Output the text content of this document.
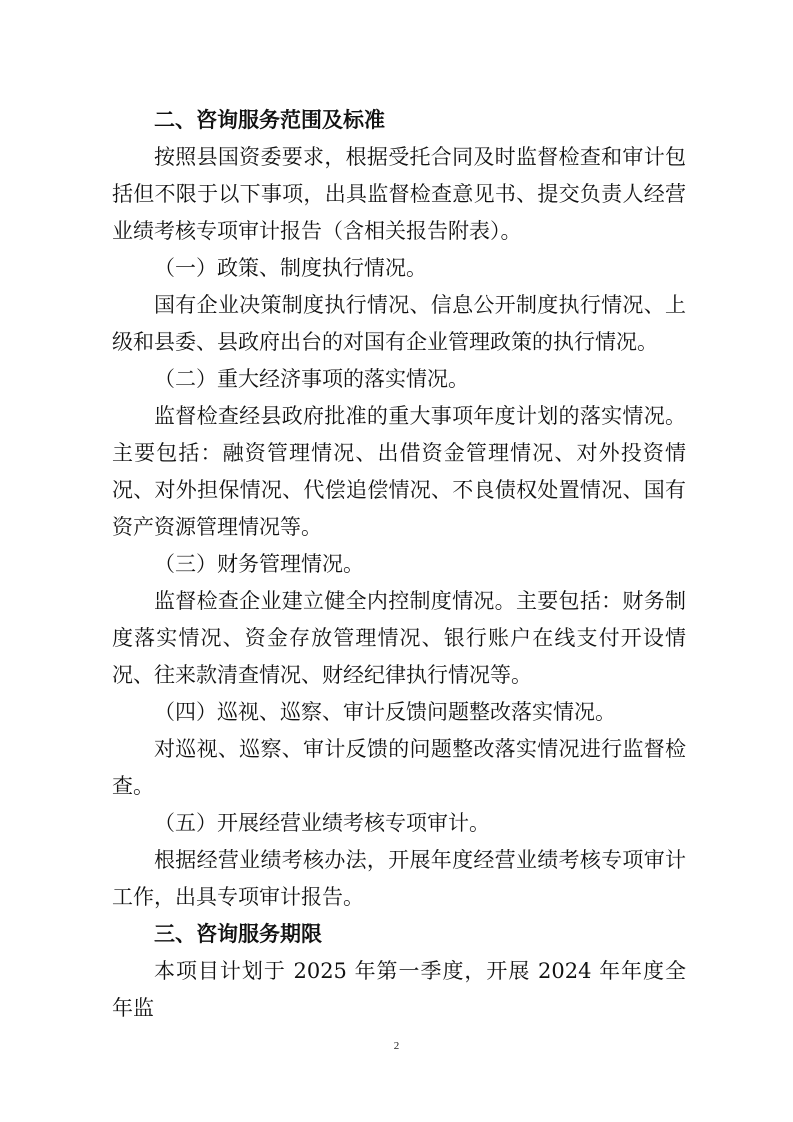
二、咨询服务范围及标准

按照县国资委要求，根据受托合同及时监督检查和审计包括但不限于以下事项，出具监督检查意见书、提交负责人经营业绩考核专项审计报告（含相关报告附表）。

（一）政策、制度执行情况。

国有企业决策制度执行情况、信息公开制度执行情况、上级和县委、县政府出台的对国有企业管理政策的执行情况。

（二）重大经济事项的落实情况。

监督检查经县政府批准的重大事项年度计划的落实情况。主要包括：融资管理情况、出借资金管理情况、对外投资情况、对外担保情况、代偿追偿情况、不良债权处置情况、国有资产资源管理情况等。

（三）财务管理情况。

监督检查企业建立健全内控制度情况。主要包括：财务制度落实情况、资金存放管理情况、银行账户在线支付开设情况、往来款清查情况、财经纪律执行情况等。

（四）巡视、巡察、审计反馈问题整改落实情况。

对巡视、巡察、审计反馈的问题整改落实情况进行监督检查。

（五）开展经营业绩考核专项审计。

根据经营业绩考核办法，开展年度经营业绩考核专项审计工作，出具专项审计报告。

三、咨询服务期限

本项目计划于 2025 年第一季度，开展 2024 年年度全年监

2
